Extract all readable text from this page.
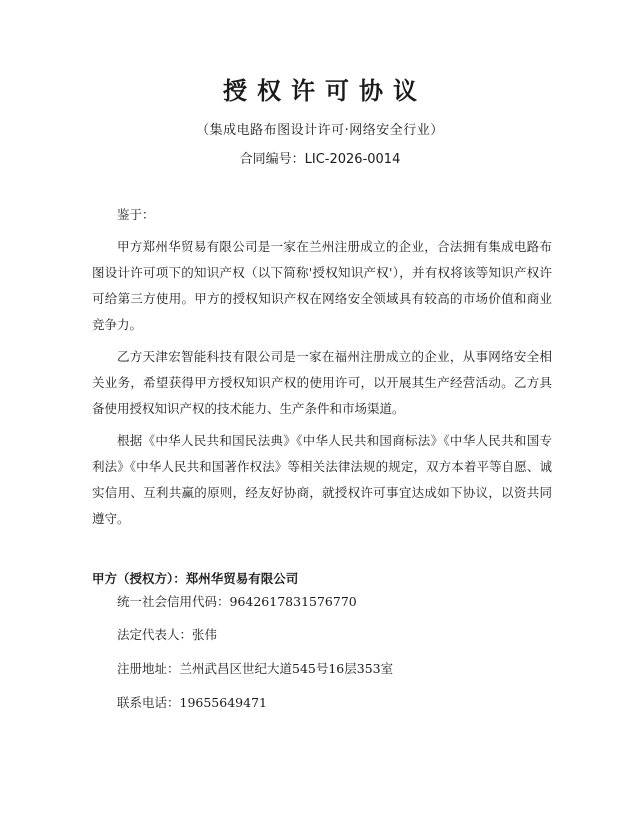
授权许可协议
（集成电路布图设计许可·网络安全行业）
合同编号：LIC-2026-0014

鉴于：

甲方郑州华贸易有限公司是一家在兰州注册成立的企业，合法拥有集成电路布图设计许可项下的知识产权（以下简称'授权知识产权'），并有权将该等知识产权许可给第三方使用。甲方的授权知识产权在网络安全领域具有较高的市场价值和商业竞争力。

乙方天津宏智能科技有限公司是一家在福州注册成立的企业，从事网络安全相关业务，希望获得甲方授权知识产权的使用许可，以开展其生产经营活动。乙方具备使用授权知识产权的技术能力、生产条件和市场渠道。

根据《中华人民共和国民法典》《中华人民共和国商标法》《中华人民共和国专利法》《中华人民共和国著作权法》等相关法律法规的规定，双方本着平等自愿、诚实信用、互利共赢的原则，经友好协商，就授权许可事宜达成如下协议，以资共同遵守。

甲方（授权方）：郑州华贸易有限公司
统一社会信用代码：9642617831576770
法定代表人：张伟
注册地址：兰州武昌区世纪大道545号16层353室
联系电话：19655649471
